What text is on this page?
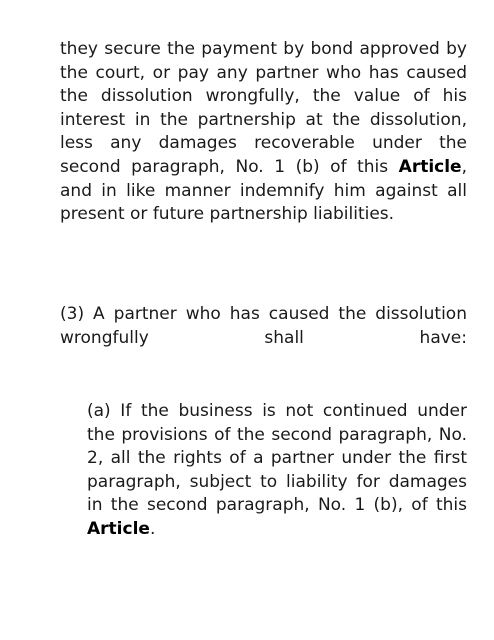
they secure the payment by bond approved by the court, or pay any partner who has caused the dissolution wrongfully, the value of his interest in the partnership at the dissolution, less any damages recoverable under the second paragraph, No. 1 (b) of this Article, and in like manner indemnify him against all present or future partnership liabilities.

(3) A partner who has caused the dissolution wrongfully shall have:

(a) If the business is not continued under the provisions of the second paragraph, No. 2, all the rights of a partner under the first paragraph, subject to liability for damages in the second paragraph, No. 1 (b), of this Article.
